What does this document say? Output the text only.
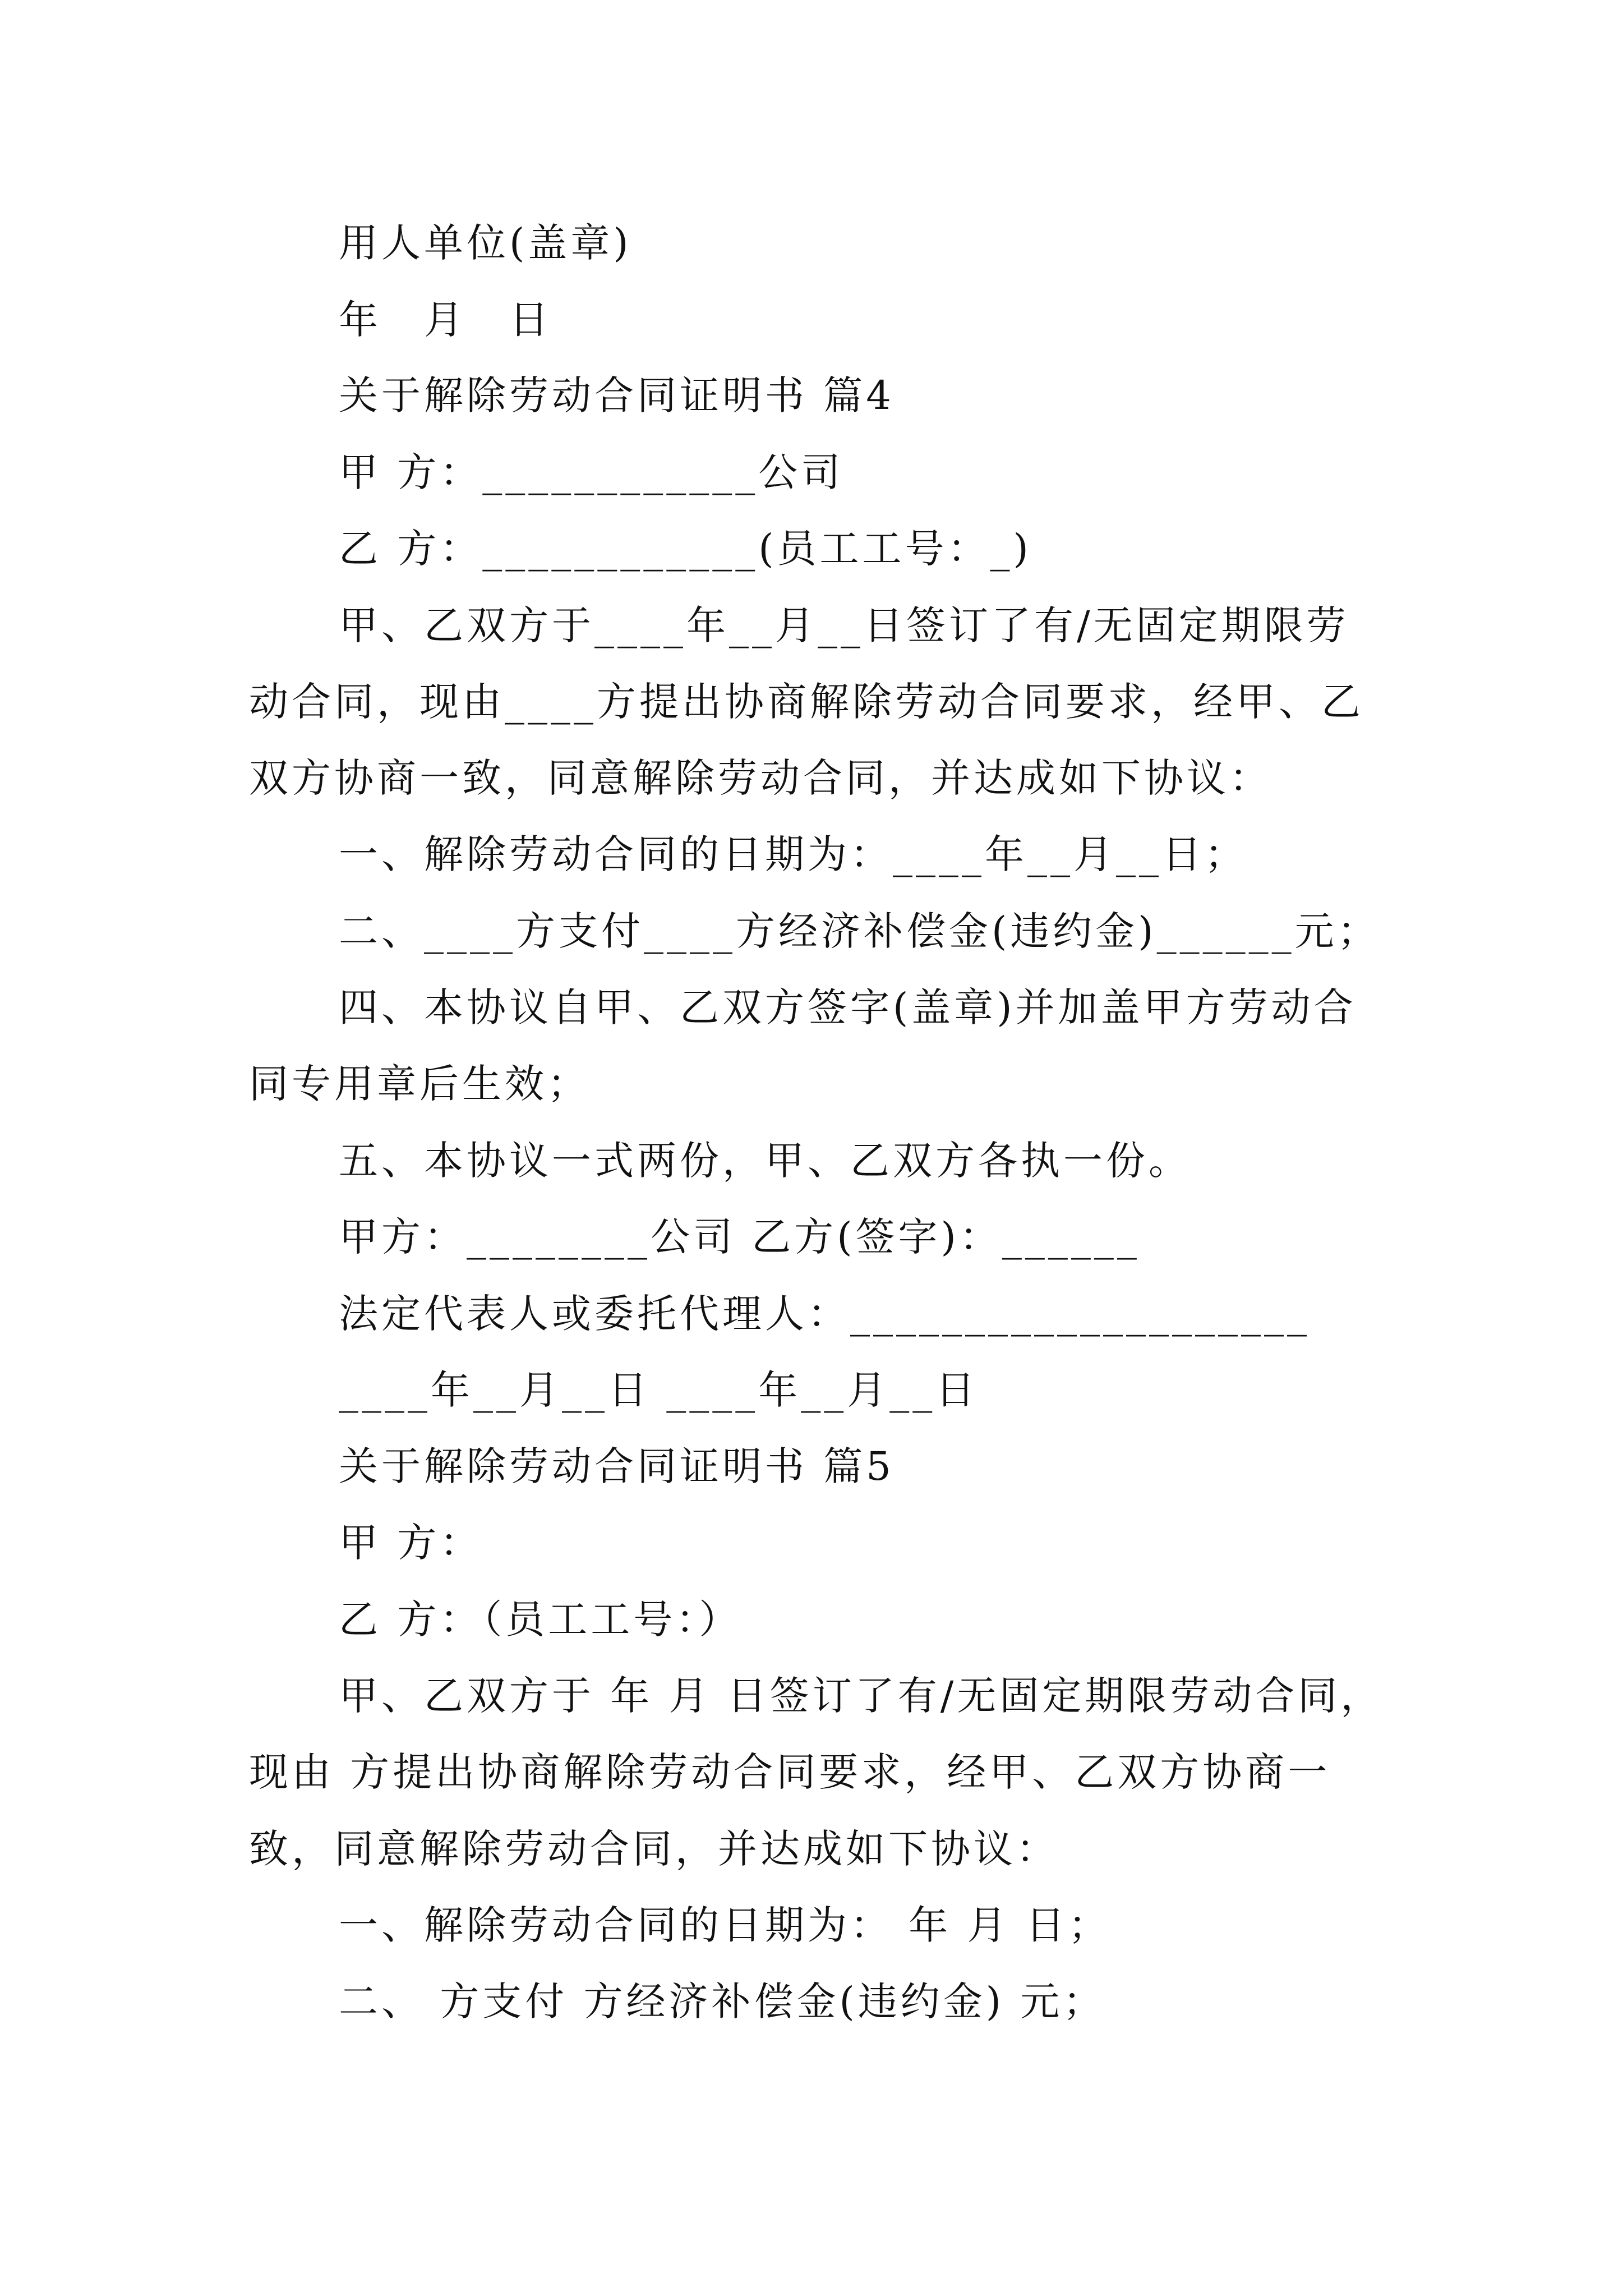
用人单位(盖章)
年　月　日
关于解除劳动合同证明书 篇4
甲 方：____________公司
乙 方：____________(员工工号：_)
甲、乙双方于____年__月__日签订了有/无固定期限劳
动合同，现由____方提出协商解除劳动合同要求，经甲、乙
双方协商一致，同意解除劳动合同，并达成如下协议：
一、解除劳动合同的日期为：____年__月__日；
二、____方支付____方经济补偿金(违约金)______元；
四、本协议自甲、乙双方签字(盖章)并加盖甲方劳动合
同专用章后生效；
五、本协议一式两份，甲、乙双方各执一份。
甲方：________公司 乙方(签字)：______
法定代表人或委托代理人：____________________
____年__月__日 ____年__月__日
关于解除劳动合同证明书 篇5
甲 方：
乙 方：（员工工号：）
甲、乙双方于 年 月 日签订了有/无固定期限劳动合同，
现由 方提出协商解除劳动合同要求，经甲、乙双方协商一
致，同意解除劳动合同，并达成如下协议：
一、解除劳动合同的日期为： 年 月 日；
二、 方支付 方经济补偿金(违约金) 元；
